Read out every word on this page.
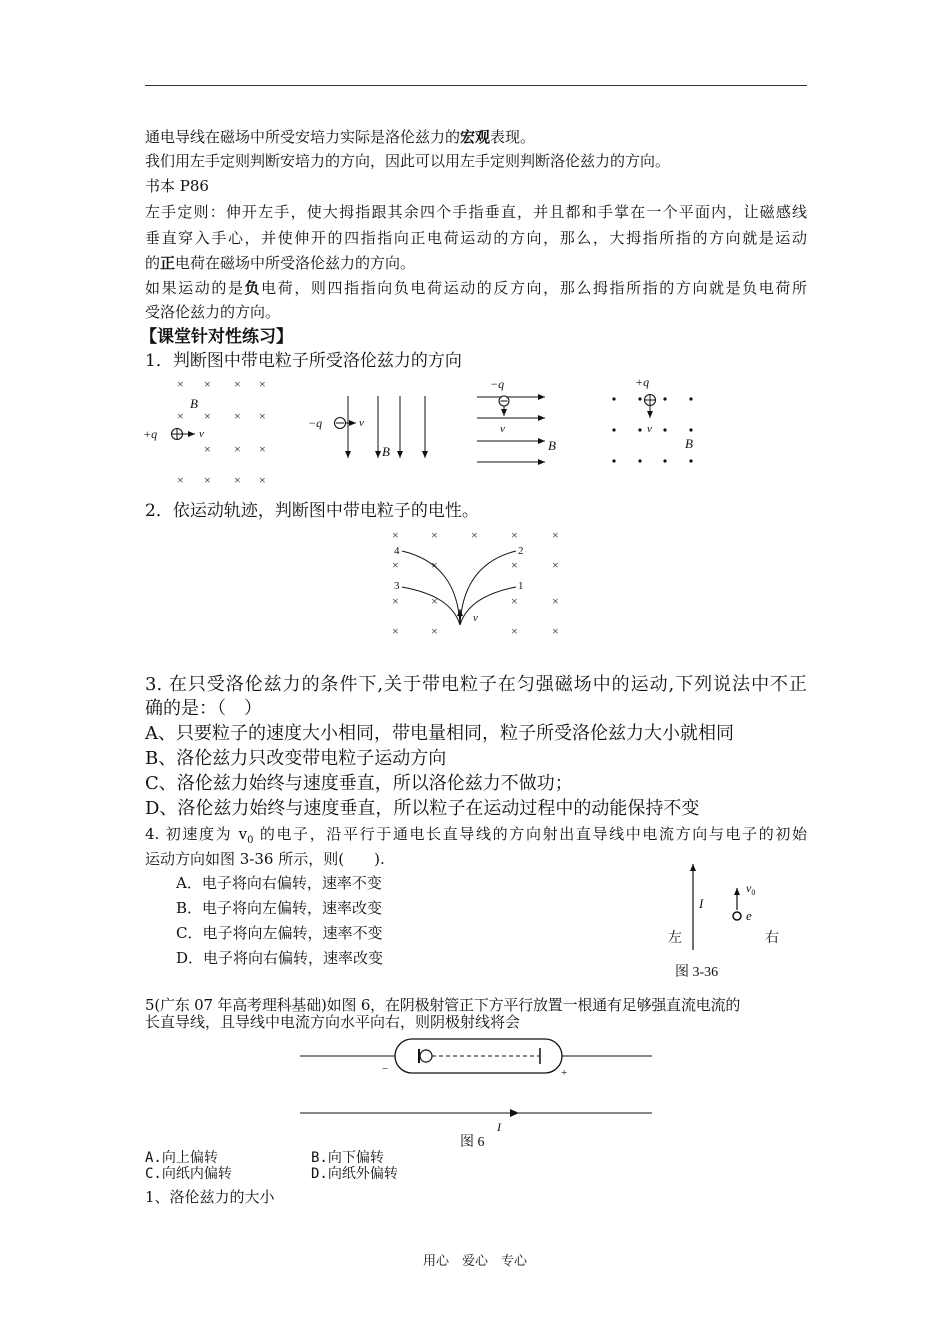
通电导线在磁场中所受安培力实际是洛伦兹力的宏观表现。
我们用左手定则判断安培力的方向，因此可以用左手定则判断洛伦兹力的方向。
书本 P86
左手定则：伸开左手，使大拇指跟其余四个手指垂直，并且都和手掌在一个平面内，让磁感线
垂直穿入手心，并使伸开的四指指向正电荷运动的方向，那么，大拇指所指的方向就是运动
的正电荷在磁场中所受洛伦兹力的方向。
如果运动的是负电荷，则四指指向负电荷运动的反方向，那么拇指所指的方向就是负电荷所
受洛伦兹力的方向。
【课堂针对性练习】
1．判断图中带电粒子所受洛伦兹力的方向
× × × ×
× × × ×
× × ×
× × × ×
B
+q	v
−q	v
B
−q
v
B
+q
v
B
2．依运动轨迹，判断图中带电粒子的电性。
×	×	×	×	×
×	×	×	×
×	×	×	×
×	×	×	×
4	2
3	1
v
3. 在只受洛伦兹力的条件下,关于带电粒子在匀强磁场中的运动,下列说法中不正
确的是：（　）
A、只要粒子的速度大小相同，带电量相同，粒子所受洛伦兹力大小就相同
B、洛伦兹力只改变带电粒子运动方向
C、洛伦兹力始终与速度垂直，所以洛伦兹力不做功；
D、洛伦兹力始终与速度垂直，所以粒子在运动过程中的动能保持不变
4. 初速度为 $v_0$ 的电子，沿平行于通电长直导线的方向射出直导线中电流方向与电子的初始
运动方向如图 3-36 所示，则(　　).
A．电子将向右偏转，速率不变
B．电子将向左偏转，速率改变
C．电子将向左偏转，速率不变
D．电子将向右偏转，速率改变
I
$v_0$
e
左	右
图 3-36
5(广东 07 年高考理科基础)如图 6，在阴极射管正下方平行放置一根通有足够强直流电流的
长直导线，且导线中电流方向水平向右，则阴极射线将会
−	+
I
图 6
A.向上偏转	B.向下偏转
C.向纸内偏转	D.向纸外偏转
1、洛伦兹力的大小
用心　爱心　专心
